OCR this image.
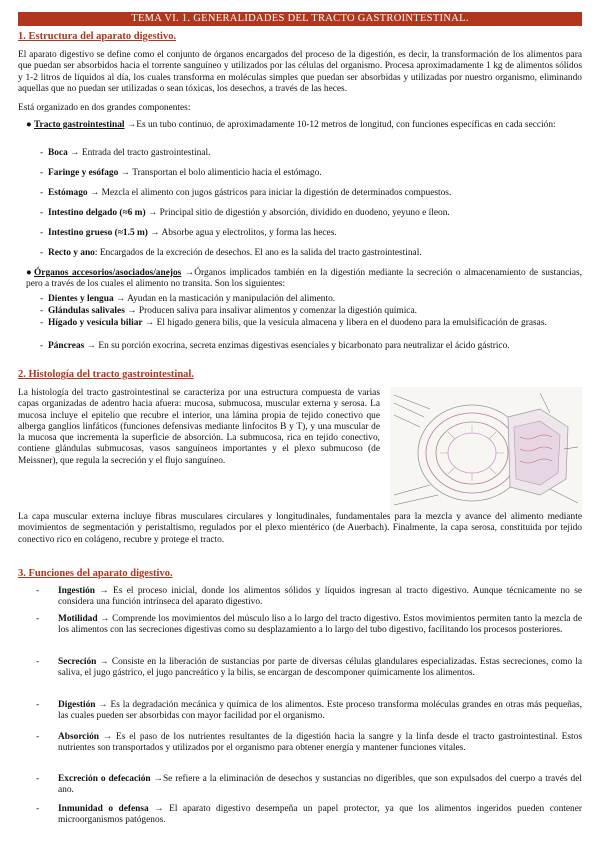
TEMA VI. 1. GENERALIDADES DEL TRACTO GASTROINTESTINAL.
1. Estructura del aparato digestivo.

El aparato digestivo se define como el conjunto de órganos encargados del proceso de la digestión, es decir, la transformación de los alimentos para que puedan ser absorbidos hacia el torrente sanguíneo y utilizados por las células del organismo. Procesa aproximadamente 1 kg de alimentos sólidos y 1-2 litros de líquidos al día, los cuales transforma en moléculas simples que puedan ser absorbidas y utilizadas por nuestro organismo, eliminando aquellas que no puedan ser utilizadas o sean tóxicas, los desechos, a través de las heces.

Está organizado en dos grandes componentes:

● Tracto gastrointestinal →Es un tubo continuo, de aproximadamente 10-12 metros de longitud, con funciones específicas en cada sección:
- Boca → Entrada del tracto gastrointestinal.
- Faringe y esófago → Transportan el bolo alimenticio hacia el estómago.
- Estómago → Mezcla el alimento con jugos gástricos para iniciar la digestión de determinados compuestos.
- Intestino delgado (≈6 m) → Principal sitio de digestión y absorción, dividido en duodeno, yeyuno e íleon.
- Intestino grueso (≈1.5 m) → Absorbe agua y electrolitos, y forma las heces.
- Recto y ano: Encargados de la excreción de desechos. El ano es la salida del tracto gastrointestinal.
● Órganos accesorios/asociados/anejos →Órganos implicados también en la digestión mediante la secreción o almacenamiento de sustancias, pero a través de los cuales el alimento no transita. Son los siguientes:
- Dientes y lengua → Ayudan en la masticación y manipulación del alimento.
- Glándulas salivales → Producen saliva para insalivar alimentos y comenzar la digestión química.
- Hígado y vesícula biliar → El hígado genera bilis, que la vesícula almacena y libera en el duodeno para la emulsificación de grasas.
- Páncreas → En su porción exocrina, secreta enzimas digestivas esenciales y bicarbonato para neutralizar el ácido gástrico.
2. Histología del tracto gastrointestinal.

La histología del tracto gastrointestinal se caracteriza por una estructura compuesta de varias capas organizadas de adentro hacia afuera: mucosa, submucosa, muscular externa y serosa. La mucosa incluye el epitelio que recubre el interior, una lámina propia de tejido conectivo que alberga ganglios linfáticos (funciones defensivas mediante linfocitos B y T), y una muscular de la mucosa que incrementa la superficie de absorción. La submucosa, rica en tejido conectivo, contiene glándulas submucosas, vasos sanguíneos importantes y el plexo submucoso (de Meissner), que regula la secreción y el flujo sanguíneo.

La capa muscular externa incluye fibras musculares circulares y longitudinales, fundamentales para la mezcla y avance del alimento mediante movimientos de segmentación y peristaltismo, regulados por el plexo mientérico (de Auerbach). Finalmente, la capa serosa, constituida por tejido conectivo rico en colágeno, recubre y protege el tracto.

3. Funciones del aparato digestivo.
- Ingestión → Es el proceso inicial, donde los alimentos sólidos y líquidos ingresan al tracto digestivo. Aunque técnicamente no se considera una función intrínseca del aparato digestivo.
- Motilidad → Comprende los movimientos del músculo liso a lo largo del tracto digestivo. Estos movimientos permiten tanto la mezcla de los alimentos con las secreciones digestivas como su desplazamiento a lo largo del tubo digestivo, facilitando los procesos posteriores.
- Secreción → Consiste en la liberación de sustancias por parte de diversas células glandulares especializadas. Estas secreciones, como la saliva, el jugo gástrico, el jugo pancreático y la bilis, se encargan de descomponer químicamente los alimentos.
- Digestión → Es la degradación mecánica y química de los alimentos. Este proceso transforma moléculas grandes en otras más pequeñas, las cuales pueden ser absorbidas con mayor facilidad por el organismo.
- Absorción → Es el paso de los nutrientes resultantes de la digestión hacia la sangre y la linfa desde el tracto gastrointestinal. Estos nutrientes son transportados y utilizados por el organismo para obtener energía y mantener funciones vitales.
- Excreción o defecación →Se refiere a la eliminación de desechos y sustancias no digeribles, que son expulsados del cuerpo a través del ano.
- Inmunidad o defensa → El aparato digestivo desempeña un papel protector, ya que los alimentos ingeridos pueden contener microorganismos patógenos.
